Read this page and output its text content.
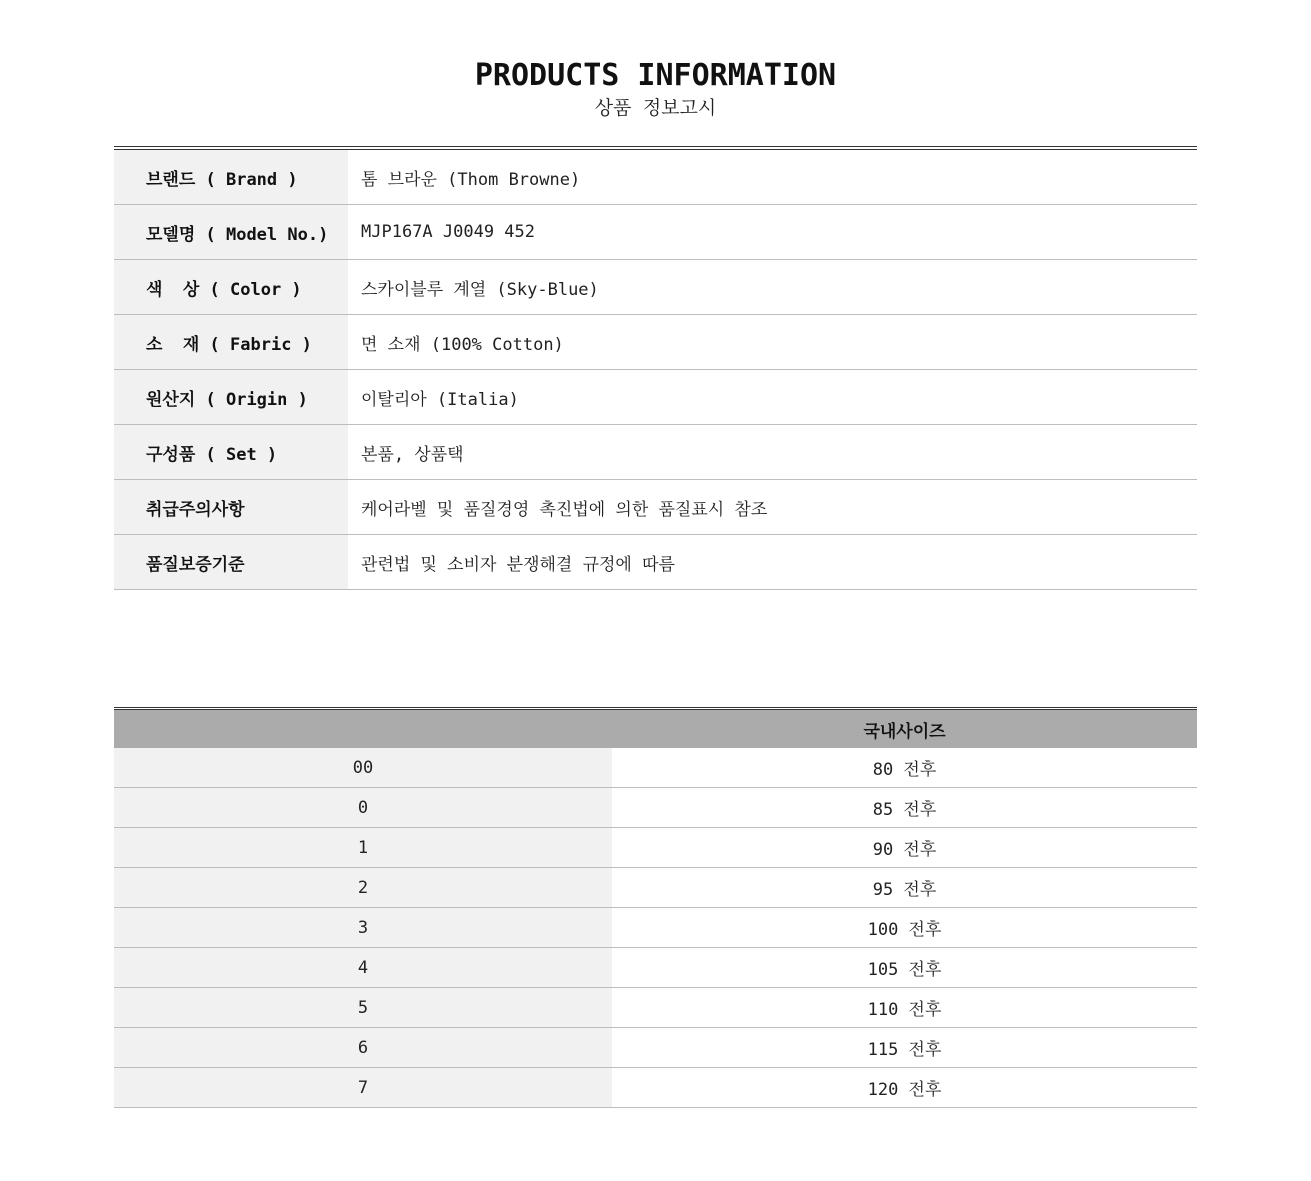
PRODUCTS INFORMATION
상품 정보고시
브랜드 ( Brand )	톰 브라운 (Thom Browne)
모델명 ( Model No.)	MJP167A J0049 452
색  상 ( Color )	스카이블루 계열 (Sky-Blue)
소  재 ( Fabric )	면 소재 (100% Cotton)
원산지 ( Origin )	이탈리아 (Italia)
구성품 ( Set )	본품, 상품택
취급주의사항	케어라벨 및 품질경영 촉진법에 의한 품질표시 참조
품질보증기준	관련법 및 소비자 분쟁해결 규정에 따름
국내사이즈
00	80 전후
0	85 전후
1	90 전후
2	95 전후
3	100 전후
4	105 전후
5	110 전후
6	115 전후
7	120 전후
